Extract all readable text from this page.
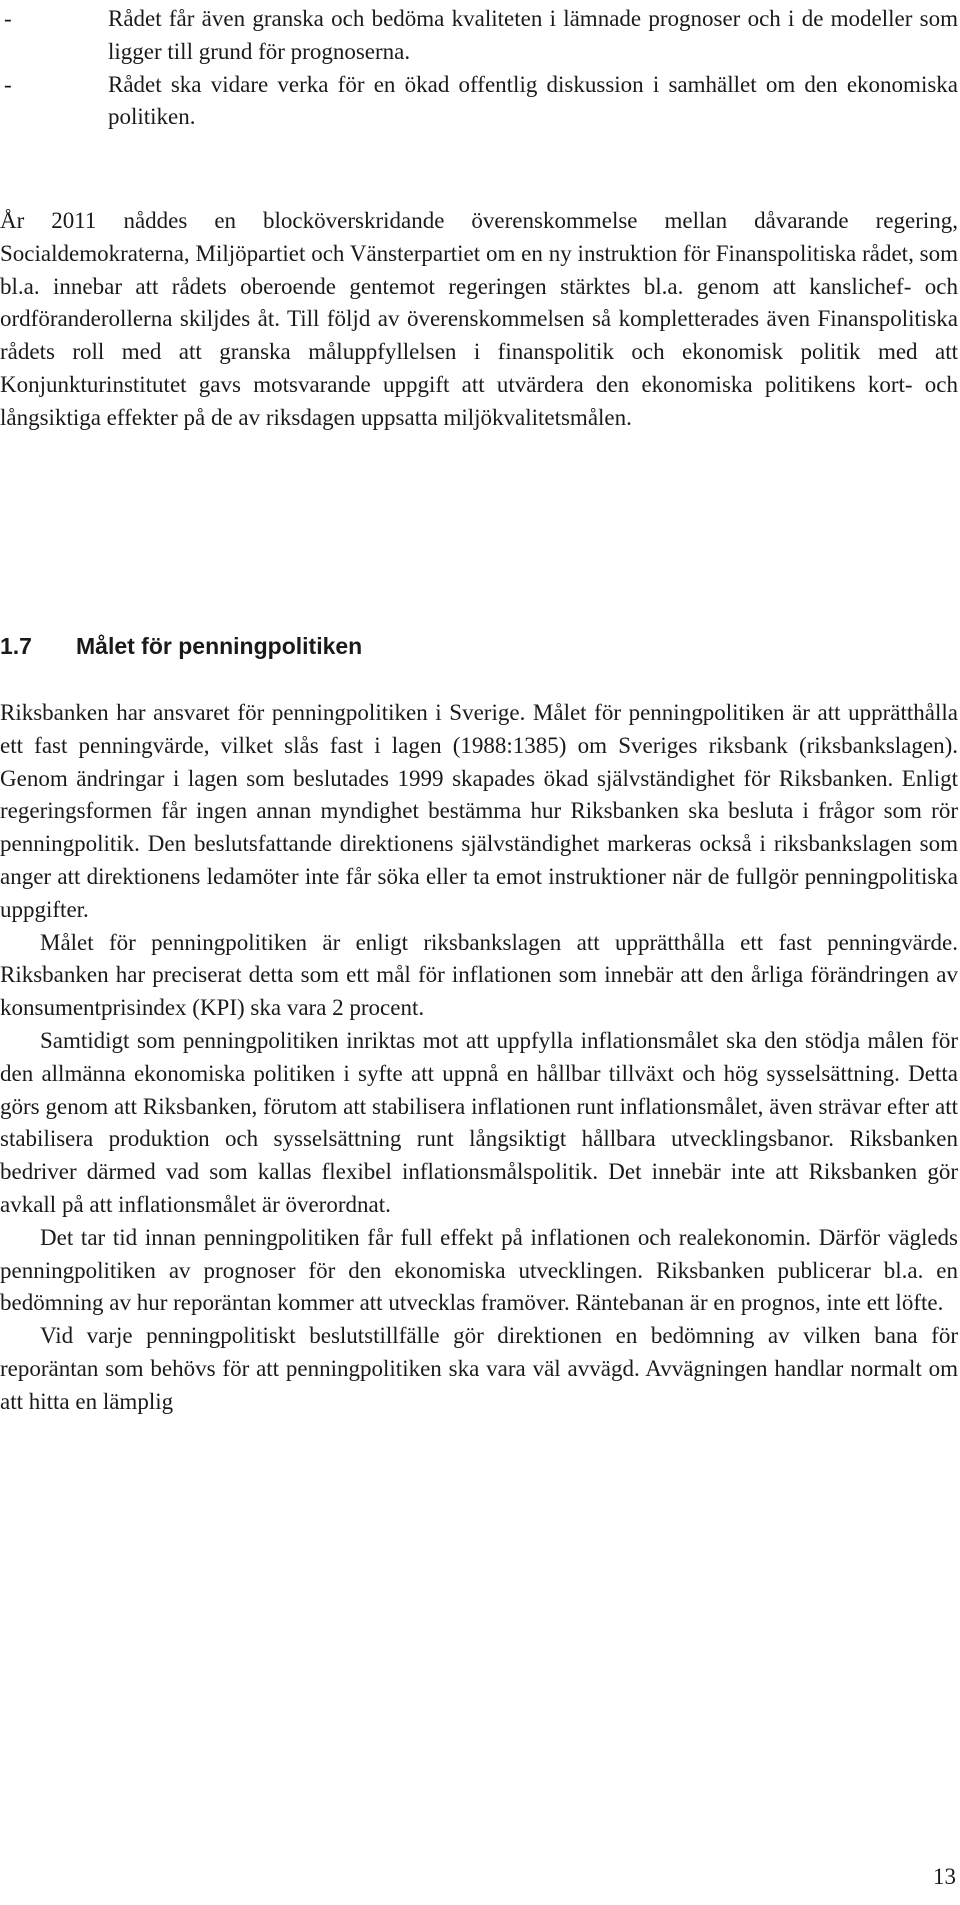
-	Rådet får även granska och bedöma kvaliteten i lämnade prognoser och i de modeller som ligger till grund för prognoserna.

-	Rådet ska vidare verka för en ökad offentlig diskussion i samhället om den ekonomiska politiken.

År 2011 nåddes en blocköverskridande överenskommelse mellan dåvarande regering, Socialdemokraterna, Miljöpartiet och Vänsterpartiet om en ny instruktion för Finanspolitiska rådet, som bl.a. innebar att rådets oberoende gentemot regeringen stärktes bl.a. genom att kanslichef- och ordföranderollerna skiljdes åt. Till följd av överenskommelsen så kompletterades även Finanspolitiska rådets roll med att granska måluppfyllelsen i finanspolitik och ekonomisk politik med att Konjunkturinstitutet gavs motsvarande uppgift att utvärdera den ekonomiska politikens kort- och långsiktiga effekter på de av riksdagen uppsatta miljökvalitetsmålen.

1.7 Målet för penningpolitiken

Riksbanken har ansvaret för penningpolitiken i Sverige. Målet för penningpolitiken är att upprätthålla ett fast penningvärde, vilket slås fast i lagen (1988:1385) om Sveriges riksbank (riksbankslagen). Genom ändringar i lagen som beslutades 1999 skapades ökad självständighet för Riksbanken. Enligt regeringsformen får ingen annan myndighet bestämma hur Riksbanken ska besluta i frågor som rör penningpolitik. Den beslutsfattande direktionens självständighet markeras också i riksbankslagen som anger att direktionens ledamöter inte får söka eller ta emot instruktioner när de fullgör penningpolitiska uppgifter.

Målet för penningpolitiken är enligt riksbankslagen att upprätthålla ett fast penningvärde. Riksbanken har preciserat detta som ett mål för inflationen som innebär att den årliga förändringen av konsumentprisindex (KPI) ska vara 2 procent.

Samtidigt som penningpolitiken inriktas mot att uppfylla inflationsmålet ska den stödja målen för den allmänna ekonomiska politiken i syfte att uppnå en hållbar tillväxt och hög sysselsättning. Detta görs genom att Riksbanken, förutom att stabilisera inflationen runt inflationsmålet, även strävar efter att stabilisera produktion och sysselsättning runt långsiktigt hållbara utvecklingsbanor. Riksbanken bedriver därmed vad som kallas flexibel inflationsmålspolitik. Det innebär inte att Riksbanken gör avkall på att inflationsmålet är överordnat.

Det tar tid innan penningpolitiken får full effekt på inflationen och realekonomin. Därför vägleds penningpolitiken av prognoser för den ekonomiska utvecklingen. Riksbanken publicerar bl.a. en bedömning av hur reporäntan kommer att utvecklas framöver. Räntebanan är en prognos, inte ett löfte.

Vid varje penningpolitiskt beslutstillfälle gör direktionen en bedömning av vilken bana för reporäntan som behövs för att penningpolitiken ska vara väl avvägd. Avvägningen handlar normalt om att hitta en lämplig

13
